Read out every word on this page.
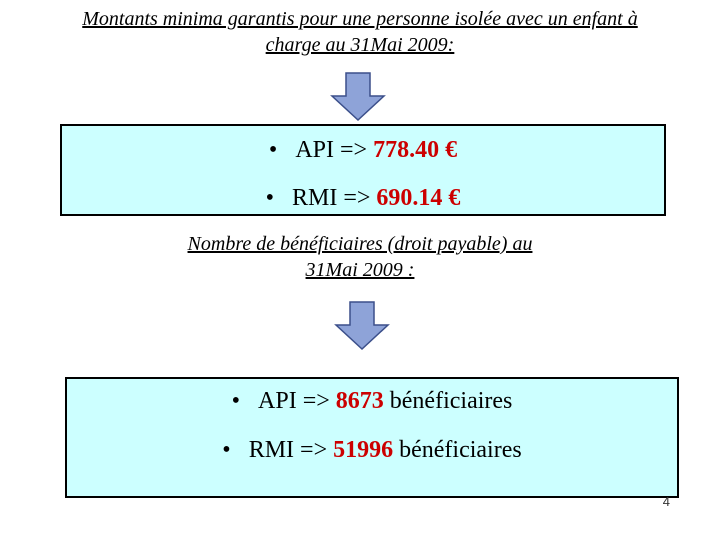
Montants minima garantis pour une personne isolée avec un enfant à
charge au 31Mai 2009:
• API => 778.40 €
• RMI => 690.14 €
Nombre de bénéficiaires (droit payable) au
31Mai 2009 :
• API => 8673 bénéficiaires
• RMI => 51996 bénéficiaires
4
